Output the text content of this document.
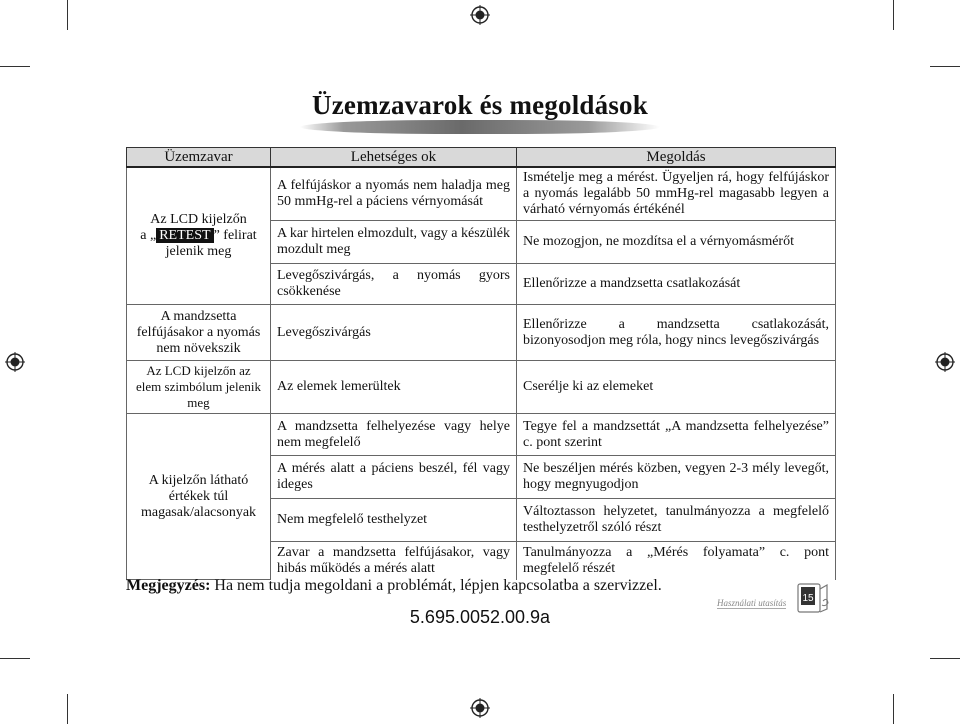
Üzemzavarok és megoldások
Üzemzavar	Lehetséges ok	Megoldás

Az LCD kijelzőn
a „ RETEST ” felirat
jelenik meg	A felfújáskor a nyomás nem haladja meg 50 mmHg-rel a páciens vérnyomását	Ismételje meg a mérést. Ügyeljen rá, hogy felfújáskor a nyomás legalább 50 mmHg-rel magasabb legyen a várható vérnyomás értékénél
	A kar hirtelen elmozdult, vagy a készülék mozdult meg	Ne mozogjon, ne mozdítsa el a vérnyomásmérőt
	Levegőszivárgás, a nyomás gyors csökkenése	Ellenőrizze a mandzsetta csatlakozását
A mandzsetta felfújásakor a nyomás nem növekszik	Levegőszivárgás	Ellenőrizze a mandzsetta csatlakozását, bizonyosodjon meg róla, hogy nincs levegőszivárgás
Az LCD kijelzőn az elem szimbólum jelenik meg	Az elemek lemerültek	Cserélje ki az elemeket
A kijelzőn látható értékek túl magasak/alacsonyak	A mandzsetta felhelyezése vagy helye nem megfelelő	Tegye fel a mandzsettát „A mandzsetta felhelyezése” c. pont szerint
	A mérés alatt a páciens beszél, fél vagy ideges	Ne beszéljen mérés közben, vegyen 2-3 mély levegőt, hogy megnyugodjon
	Nem megfelelő testhelyzet	Változtasson helyzetet, tanulmányozza a megfelelő testhelyzetről szóló részt
	Zavar a mandzsetta felfújásakor, vagy hibás működés a mérés alatt	Tanulmányozza a „Mérés folyamata” c. pont megfelelő részét
Megjegyzés: Ha nem tudja megoldani a problémát, lépjen kapcsolatba a szervizzel.
Használati utasítás 15
5.695.0052.00.9a
